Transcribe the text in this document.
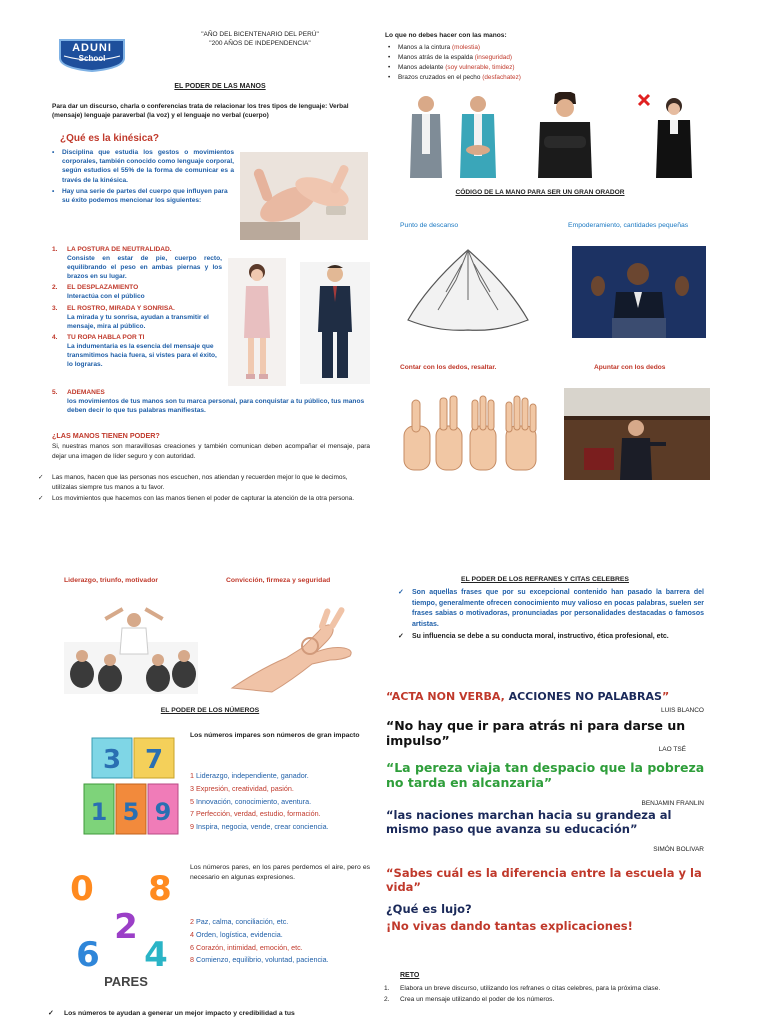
ADUNI
School
"AÑO DEL BICENTENARIO DEL PERÚ"
"200 AÑOS DE INDEPENDENCIA"
EL PODER DE LAS MANOS
Para dar un discurso, charla o conferencias trata de relacionar los tres tipos de lenguaje: Verbal (mensaje) lenguaje paraverbal (la voz) y el lenguaje no verbal (cuerpo)
¿Qué es la kinésica?
• Disciplina que estudia los gestos o movimientos corporales, también conocido como lenguaje corporal, según estudios el 55% de la forma de comunicar es a través de la kinésica.
• Hay una serie de partes del cuerpo que influyen para su éxito podemos mencionar los siguientes:
1. LA POSTURA DE NEUTRALIDAD.
Consiste en estar de pie, cuerpo recto, equilibrando el peso en ambas piernas y los brazos en su lugar.
2. EL DESPLAZAMIENTO
Interactúa con el público
3. EL ROSTRO, MIRADA Y SONRISA.
La mirada y tu sonrisa, ayudan a transmitir el mensaje, mira al público.
4. TU ROPA HABLA POR TI
La indumentaria es la esencia del mensaje que transmitimos hacia fuera, si vistes para el éxito, lo lograras.
5. ADEMANES
los movimientos de tus manos son tu marca personal, para conquistar a tu público, tus manos deben decir lo que tus palabras manifiestas.
¿LAS MANOS TIENEN PODER?
Si, nuestras manos son maravillosas creaciones y también comunican deben acompañar el mensaje, para dejar una imagen de líder seguro y con autoridad.
✓ Las manos, hacen que las personas nos escuchen, nos atiendan y recuerden mejor lo que le decimos, utilízalas siempre tus manos a tu favor.
✓ Los movimientos que hacemos con las manos tienen el poder de capturar la atención de la otra persona.
Lo que no debes hacer con las manos:
• Manos a la cintura (molestia)
• Manos atrás de la espalda (inseguridad)
• Manos adelante (soy vulnerable, timidez)
• Brazos cruzados en el pecho (desfachatez)
CÓDIGO DE LA MANO PARA SER UN GRAN ORADOR
Punto de descanso	Empoderamiento, cantidades pequeñas
Contar con los dedos, resaltar.	Apuntar con los dedos
Liderazgo, triunfo, motivador	Convicción, firmeza y seguridad
EL PODER DE LOS NÚMEROS
3 7
1 5 9
Los números impares son números de gran impacto
1 Liderazgo, independiente, ganador.
3 Expresión, creatividad, pasión.
5 Innovación, conocimiento, aventura.
7 Perfección, verdad, estudio, formación.
9 Inspira, negocia, vende, crear conciencia.
0 8
2
6 4
PARES
Los números pares, en los pares perdemos el aire, pero es necesario en algunas expresiones.
2 Paz, calma, conciliación, etc.
4 Orden, logística, evidencia.
6 Corazón, intimidad, emoción, etc.
8 Comienzo, equilibrio, voluntad, paciencia.
✓ Los números te ayudan a generar un mejor impacto y credibilidad a tus
EL PODER DE LOS REFRANES Y CITAS CELEBRES
✓ Son aquellas frases que por su excepcional contenido han pasado la barrera del tiempo, generalmente ofrecen conocimiento muy valioso en pocas palabras, suelen ser frases sabias o motivadoras, pronunciadas por personalidades destacadas o famosos artistas.
✓ Su influencia se debe a su conducta moral, instructivo, ética profesional, etc.
“ACTA NON VERBA, ACCIONES NO PALABRAS”
LUIS BLANCO
“No hay que ir para atrás ni para darse un impulso”
LAO TSÉ
“La pereza viaja tan despacio que la pobreza no tarda en alcanzaria”
BENJAMIN FRANLIN
“las naciones marchan hacia su grandeza al mismo paso que avanza su educación”
SIMÓN BOLIVAR
“Sabes cuál es la diferencia entre la escuela y la vida”
¿Qué es lujo?
¡No vivas dando tantas explicaciones!
RETO
1.	Elabora un breve discurso, utilizando los refranes o citas celebres, para la próxima clase.
2.	Crea un mensaje utilizando el poder de los números.
